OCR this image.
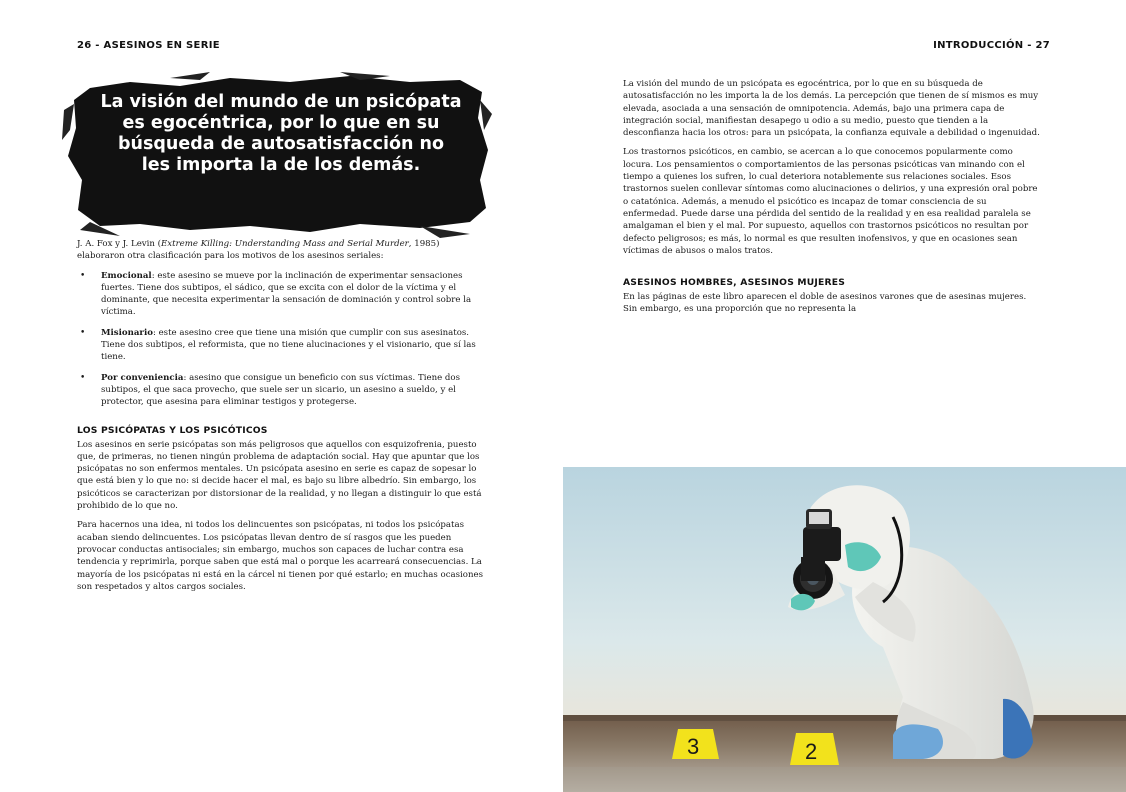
26 - ASESINOS EN SERIE
La visión del mundo de un psicópata
es egocéntrica, por lo que en su
búsqueda de autosatisfacción no
les importa la de los demás.

J. A. Fox y J. Levin (Extreme Killing: Understanding Mass and Serial Murder, 1985) elaboraron otra clasificación para los motivos de los asesinos seriales:

• Emocional: este asesino se mueve por la inclinación de experimentar sensaciones fuertes. Tiene dos subtipos, el sádico, que se excita con el dolor de la víctima y el dominante, que necesita experimentar la sensación de dominación y control sobre la víctima.
• Misionario: este asesino cree que tiene una misión que cumplir con sus asesinatos. Tiene dos subtipos, el reformista, que no tiene alucinaciones y el visionario, que sí las tiene.
• Por conveniencia: asesino que consigue un beneficio con sus víctimas. Tiene dos subtipos, el que saca provecho, que suele ser un sicario, un asesino a sueldo, y el protector, que asesina para eliminar testigos y protegerse.
LOS PSICÓPATAS Y LOS PSICÓTICOS

Los asesinos en serie psicópatas son más peligrosos que aquellos con esquizofrenia, puesto que, de primeras, no tienen ningún problema de adaptación social. Hay que apuntar que los psicópatas no son enfermos mentales. Un psicópata asesino en serie es capaz de sopesar lo que está bien y lo que no: si decide hacer el mal, es bajo su libre albedrío. Sin embargo, los psicóticos se caracterizan por distorsionar de la realidad, y no llegan a distinguir lo que está prohibido de lo que no.

Para hacernos una idea, ni todos los delincuentes son psicópatas, ni todos los psicópatas acaban siendo delincuentes. Los psicópatas llevan dentro de sí rasgos que les pueden provocar conductas antisociales; sin embargo, muchos son capaces de luchar contra esa tendencia y reprimirla, porque saben que está mal o porque les acarreará consecuencias. La mayoría de los psicópatas ni está en la cárcel ni tienen por qué estarlo; en muchas ocasiones son respetados y altos cargos sociales.

INTRODUCCIÓN - 27

La visión del mundo de un psicópata es egocéntrica, por lo que en su búsqueda de autosatisfacción no les importa la de los demás. La percepción que tienen de sí mismos es muy elevada, asociada a una sensación de omnipotencia. Además, bajo una primera capa de integración social, manifiestan desapego u odio a su medio, puesto que tienden a la desconfianza hacia los otros: para un psicópata, la confianza equivale a debilidad o ingenuidad.

Los trastornos psicóticos, en cambio, se acercan a lo que conocemos popularmente como locura. Los pensamientos o comportamientos de las personas psicóticas van minando con el tiempo a quienes los sufren, lo cual deteriora notablemente sus relaciones sociales. Esos trastornos suelen conllevar síntomas como alucinaciones o delirios, y una expresión oral pobre o catatónica. Además, a menudo el psicótico es incapaz de tomar consciencia de su enfermedad. Puede darse una pérdida del sentido de la realidad y en esa realidad paralela se amalgaman el bien y el mal. Por supuesto, aquellos con trastornos psicóticos no resultan por defecto peligrosos; es más, lo normal es que resulten inofensivos, y que en ocasiones sean víctimas de abusos o malos tratos.

ASESINOS HOMBRES, ASESINOS MUJERES

En las páginas de este libro aparecen el doble de asesinos varones que de asesinas mujeres. Sin embargo, es una proporción que no representa la

3	2
